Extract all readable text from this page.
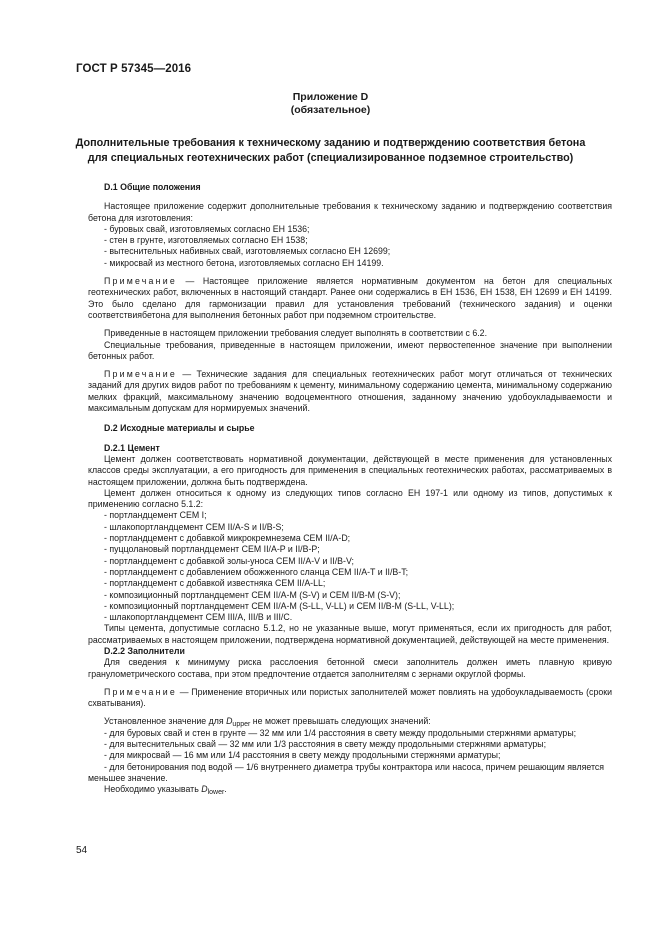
ГОСТ Р 57345—2016
Приложение D
(обязательное)
Дополнительные требования к техническому заданию и подтверждению соответствия бетона
для специальных геотехнических работ (специализированное подземное строительство)

D.1 Общие положения

Настоящее приложение содержит дополнительные требования к техническому заданию и подтверждению соответствия бетона для изготовления:

- буровых свай, изготовляемых согласно ЕН 1536;
- стен в грунте, изготовляемых согласно ЕН 1538;
- вытеснительных набивных свай, изготовляемых согласно ЕН 12699;
- микросвай из местного бетона, изготовляемых согласно ЕН 14199.

Примечание — Настоящее приложение является нормативным документом на бетон для специальных геотехнических работ, включенных в настоящий стандарт. Ранее они содержались в ЕН 1536, ЕН 1538, ЕН 12699 и ЕН 14199. Это было сделано для гармонизации правил для установления требований (технического задания) и оценки соответствиябетона для выполнения бетонных работ при подземном строительстве.

Приведенные в настоящем приложении требования следует выполнять в соответствии с 6.2.

Специальные требования, приведенные в настоящем приложении, имеют первостепенное значение при выполнении бетонных работ.

Примечание — Технические задания для специальных геотехнических работ могут отличаться от технических заданий для других видов работ по требованиям к цементу, минимальному содержанию цемента, минимальному содержанию мелких фракций, максимальному значению водоцементного отношения, заданному значению удобоукладываемости и максимальным допускам для нормируемых значений.

D.2 Исходные материалы и сырье

D.2.1 Цемент

Цемент должен соответствовать нормативной документации, действующей в месте применения для установленных классов среды эксплуатации, а его пригодность для применения в специальных геотехнических работах, рассматриваемых в настоящем приложении, должна быть подтверждена.

Цемент должен относиться к одному из следующих типов согласно ЕН 197-1 или одному из типов, допустимых к применению согласно 5.1.2:

- портландцемент СЕМ I;
- шлакопортландцемент СЕМ II/A-S и II/B-S;
- портландцемент с добавкой микрокремнезема СЕМ II/A-D;
- пуццолановый портландцемент СЕМ II/A-P и II/B-P;
- портландцемент с добавкой золы-уноса СЕМ II/A-V и II/B-V;
- портландцемент с добавлением обожженного сланца СЕМ II/A-T и II/B-T;
- портландцемент с добавкой известняка СЕМ II/A-LL;
- композиционный портландцемент СЕМ II/A-M (S-V) и СЕМ II/B-M (S-V);
- композиционный портландцемент СЕМ II/A-M (S-LL, V-LL) и СЕМ II/B-M (S-LL, V-LL);
- шлакопортландцемент СЕМ III/A, III/B и III/C.

Типы цемента, допустимые согласно 5.1.2, но не указанные выше, могут применяться, если их пригодность для работ, рассматриваемых в настоящем приложении, подтверждена нормативной документацией, действующей на месте применения.

D.2.2 Заполнители

Для сведения к минимуму риска расслоения бетонной смеси заполнитель должен иметь плавную кривую гранулометрического состава, при этом предпочтение отдается заполнителям с зернами округлой формы.

Примечание — Применение вторичных или пористых заполнителей может повлиять на удобоукладываемость (сроки схватывания).

Установленное значение для $D_{upper}$ не может превышать следующих значений:

- для буровых свай и стен в грунте — 32 мм или 1/4 расстояния в свету между продольными стержнями арматуры;
- для вытеснительных свай — 32 мм или 1/3 расстояния в свету между продольными стержнями арматуры;
- для микросвай — 16 мм или 1/4 расстояния в свету между продольными стержнями арматуры;
- для бетонирования под водой — 1/6 внутреннего диаметра трубы контрактора или насоса, причем решающим является меньшее значение.

Необходимо указывать $D_{lower}$.

54
